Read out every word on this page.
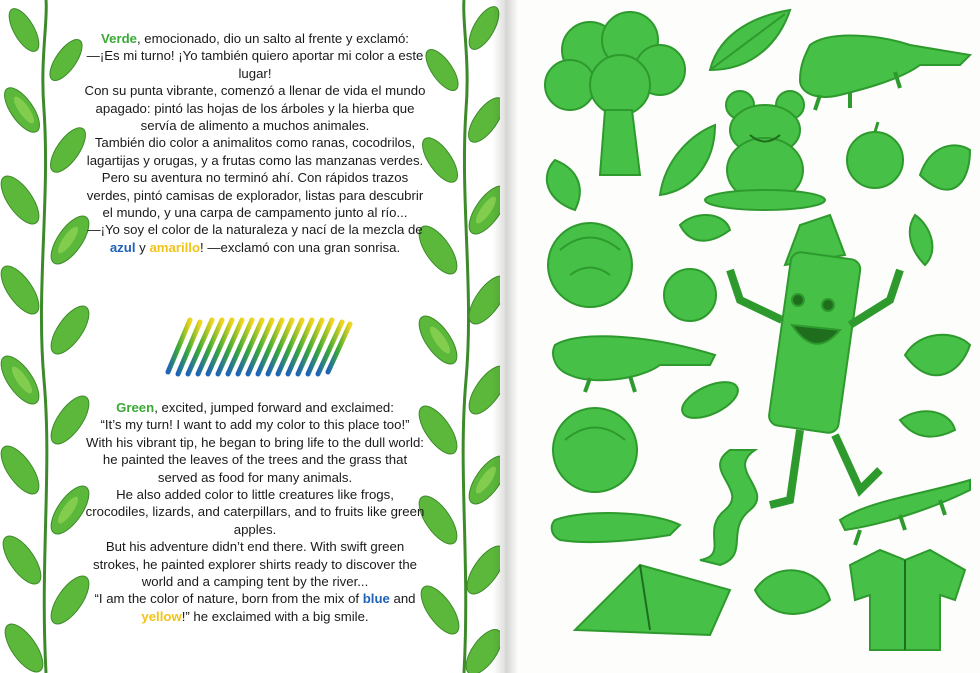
Verde, emocionado, dio un salto al frente y exclamó:

—¡Es mi turno! ¡Yo también quiero aportar mi color a este lugar!

Con su punta vibrante, comenzó a llenar de vida el mundo apagado: pintó las hojas de los árboles y la hierba que servía de alimento a muchos animales.

También dio color a animalitos como ranas, cocodrilos, lagartijas y orugas, y a frutas como las manzanas verdes.

Pero su aventura no terminó ahí. Con rápidos trazos verdes, pintó camisas de explorador, listas para descubrir el mundo, y una carpa de campamento junto al río...

—¡Yo soy el color de la naturaleza y nací de la mezcla de azul y amarillo! —exclamó con una gran sonrisa.

Green, excited, jumped forward and exclaimed:

“It’s my turn! I want to add my color to this place too!”

With his vibrant tip, he began to bring life to the dull world: he painted the leaves of the trees and the grass that served as food for many animals.

He also added color to little creatures like frogs, crocodiles, lizards, and caterpillars, and to fruits like green apples.

But his adventure didn’t end there. With swift green strokes, he painted explorer shirts ready to discover the world and a camping tent by the river...

“I am the color of nature, born from the mix of blue and yellow!” he exclaimed with a big smile.
